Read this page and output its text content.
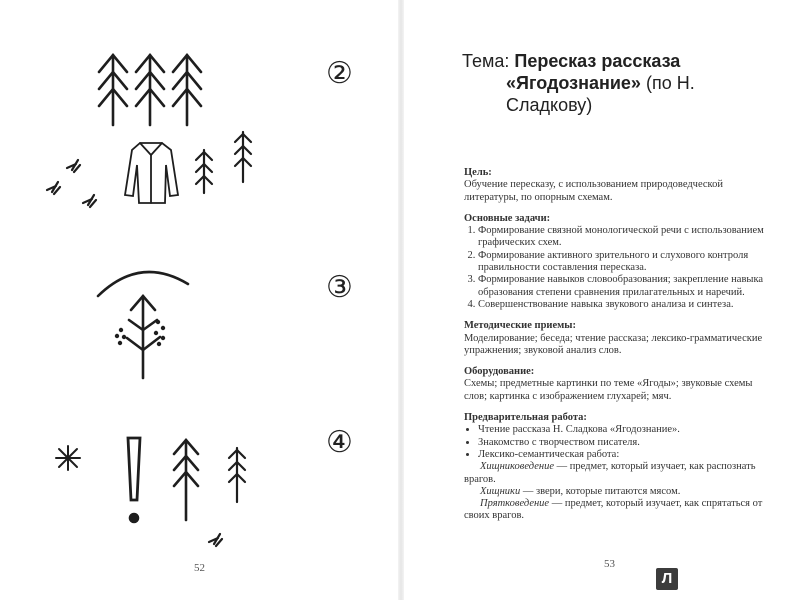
②
③
④
52
Тема: Пересказ рассказа
«Ягодознание» (по Н. Сладкову)
Цель:
Обучение пересказу, с использованием природоведческой литературы, по опорным схемам.
Основные задачи:
1. Формирование связной монологической речи с использованием графических схем.
2. Формирование активного зрительного и слухового контроля правильности составления пересказа.
3. Формирование навыков словообразования; закрепление навыка образования степени сравнения прилагательных и наречий.
4. Совершенствование навыка звукового анализа и синтеза.
Методические приемы:
Моделирование; беседа; чтение рассказа; лексико-грамматические упражнения; звуковой анализ слов.
Оборудование:
Схемы; предметные картинки по теме «Ягоды»; звуковые схемы слов; картинка с изображением глухарей; мяч.
Предварительная работа:
• Чтение рассказа Н. Сладкова «Ягодознание».
• Знакомство с творчеством писателя.
• Лексико-семантическая работа:
Хищниковедение — предмет, который изучает, как распознать врагов.
Хищники — звери, которые питаются мясом.
Прятковедение — предмет, который изучает, как спрятаться от своих врагов.
53
Л
